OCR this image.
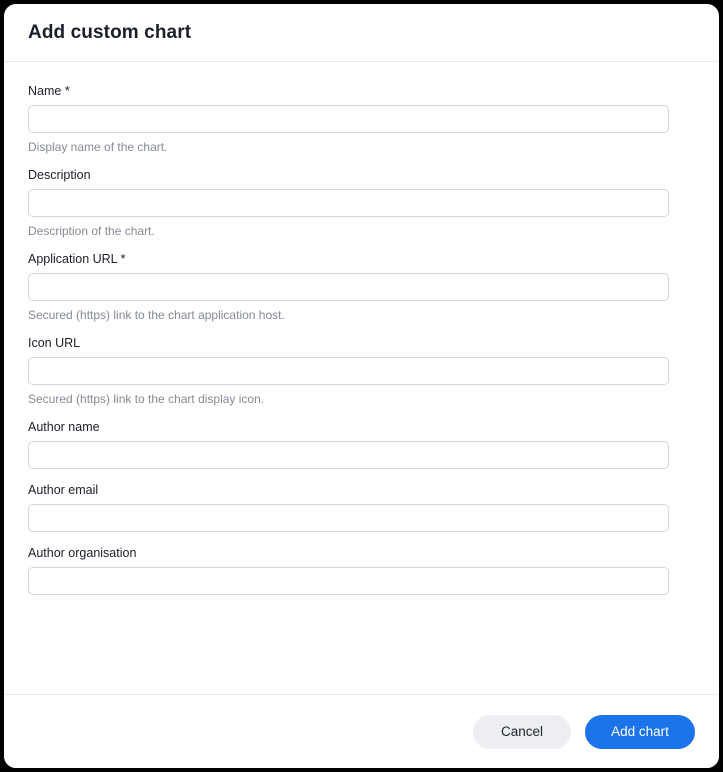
Add custom chart
Name *
Display name of the chart.
Description
Description of the chart.
Application URL *
Secured (https) link to the chart application host.
Icon URL
Secured (https) link to the chart display icon.
Author name
Author email
Author organisation
Cancel	Add chart
